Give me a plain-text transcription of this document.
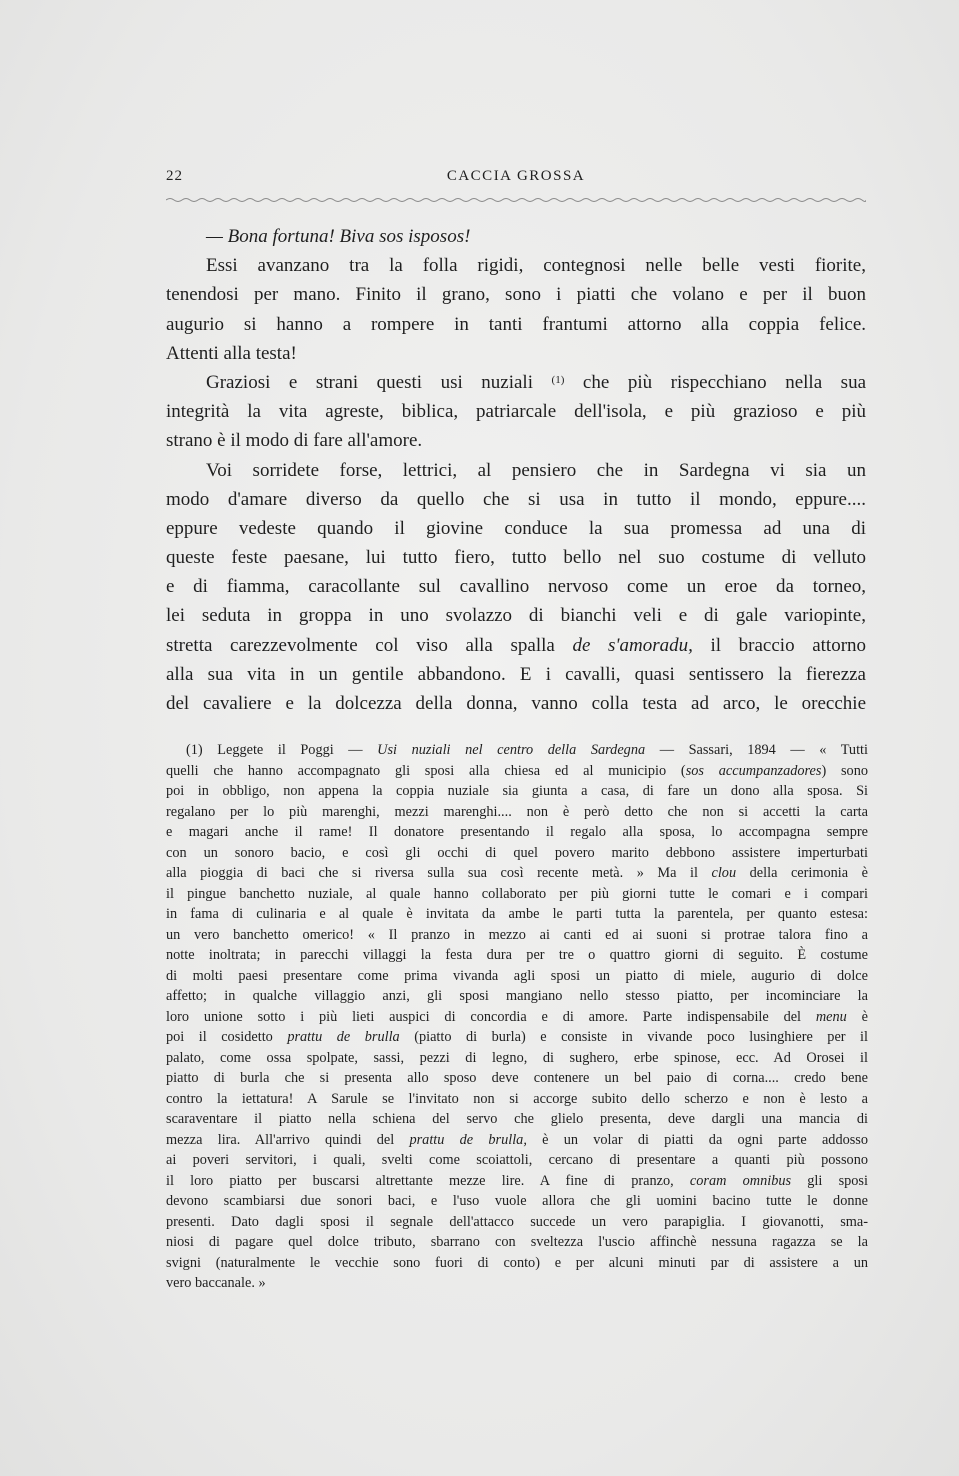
22	CACCIA GROSSA
— Bona fortuna! Biva sos isposos!
Essi avanzano tra la folla rigidi, contegnosi nelle belle vesti fiorite,
tenendosi per mano. Finito il grano, sono i piatti che volano e per il buon
augurio si hanno a rompere in tanti frantumi attorno alla coppia felice.
Attenti alla testa!
Graziosi e strani questi usi nuziali $^{(1)}$ che più rispecchiano nella sua
integrità la vita agreste, biblica, patriarcale dell'isola, e più grazioso e più
strano è il modo di fare all'amore.
Voi sorridete forse, lettrici, al pensiero che in Sardegna vi sia un
modo d'amare diverso da quello che si usa in tutto il mondo, eppure....
eppure vedeste quando il giovine conduce la sua promessa ad una di
queste feste paesane, lui tutto fiero, tutto bello nel suo costume di velluto
e di fiamma, caracollante sul cavallino nervoso come un eroe da torneo,
lei seduta in groppa in uno svolazzo di bianchi veli e di gale variopinte,
stretta carezzevolmente col viso alla spalla de s'amoradu, il braccio attorno
alla sua vita in un gentile abbandono. E i cavalli, quasi sentissero la fierezza
del cavaliere e la dolcezza della donna, vanno colla testa ad arco, le orecchie
(1) Leggete il Poggi — Usi nuziali nel centro della Sardegna — Sassari, 1894 — « Tutti
quelli che hanno accompagnato gli sposi alla chiesa ed al municipio (sos accumpanzadores) sono
poi in obbligo, non appena la coppia nuziale sia giunta a casa, di fare un dono alla sposa. Si
regalano per lo più marenghi, mezzi marenghi.... non è però detto che non si accetti la carta
e magari anche il rame! Il donatore presentando il regalo alla sposa, lo accompagna sempre
con un sonoro bacio, e così gli occhi di quel povero marito debbono assistere imperturbati
alla pioggia di baci che si riversa sulla sua così recente metà. » Ma il clou della cerimonia è
il pingue banchetto nuziale, al quale hanno collaborato per più giorni tutte le comari e i compari
in fama di culinaria e al quale è invitata da ambe le parti tutta la parentela, per quanto estesa:
un vero banchetto omerico! « Il pranzo in mezzo ai canti ed ai suoni si protrae talora fino a
notte inoltrata; in parecchi villaggi la festa dura per tre o quattro giorni di seguito. È costume
di molti paesi presentare come prima vivanda agli sposi un piatto di miele, augurio di dolce
affetto; in qualche villaggio anzi, gli sposi mangiano nello stesso piatto, per incominciare la
loro unione sotto i più lieti auspici di concordia e di amore. Parte indispensabile del menu è
poi il cosidetto prattu de brulla (piatto di burla) e consiste in vivande poco lusinghiere per il
palato, come ossa spolpate, sassi, pezzi di legno, di sughero, erbe spinose, ecc. Ad Orosei il
piatto di burla che si presenta allo sposo deve contenere un bel paio di corna.... credo bene
contro la iettatura! A Sarule se l'invitato non si accorge subito dello scherzo e non è lesto a
scaraventare il piatto nella schiena del servo che glielo presenta, deve dargli una mancia di
mezza lira. All'arrivo quindi del prattu de brulla, è un volar di piatti da ogni parte addosso
ai poveri servitori, i quali, svelti come scoiattoli, cercano di presentare a quanti più possono
il loro piatto per buscarsi altrettante mezze lire. A fine di pranzo, coram omnibus gli sposi
devono scambiarsi due sonori baci, e l'uso vuole allora che gli uomini bacino tutte le donne
presenti. Dato dagli sposi il segnale dell'attacco succede un vero parapiglia. I giovanotti, sma-
niosi di pagare quel dolce tributo, sbarrano con sveltezza l'uscio affinchè nessuna ragazza se la
svigni (naturalmente le vecchie sono fuori di conto) e per alcuni minuti par di assistere a un
vero baccanale. »
